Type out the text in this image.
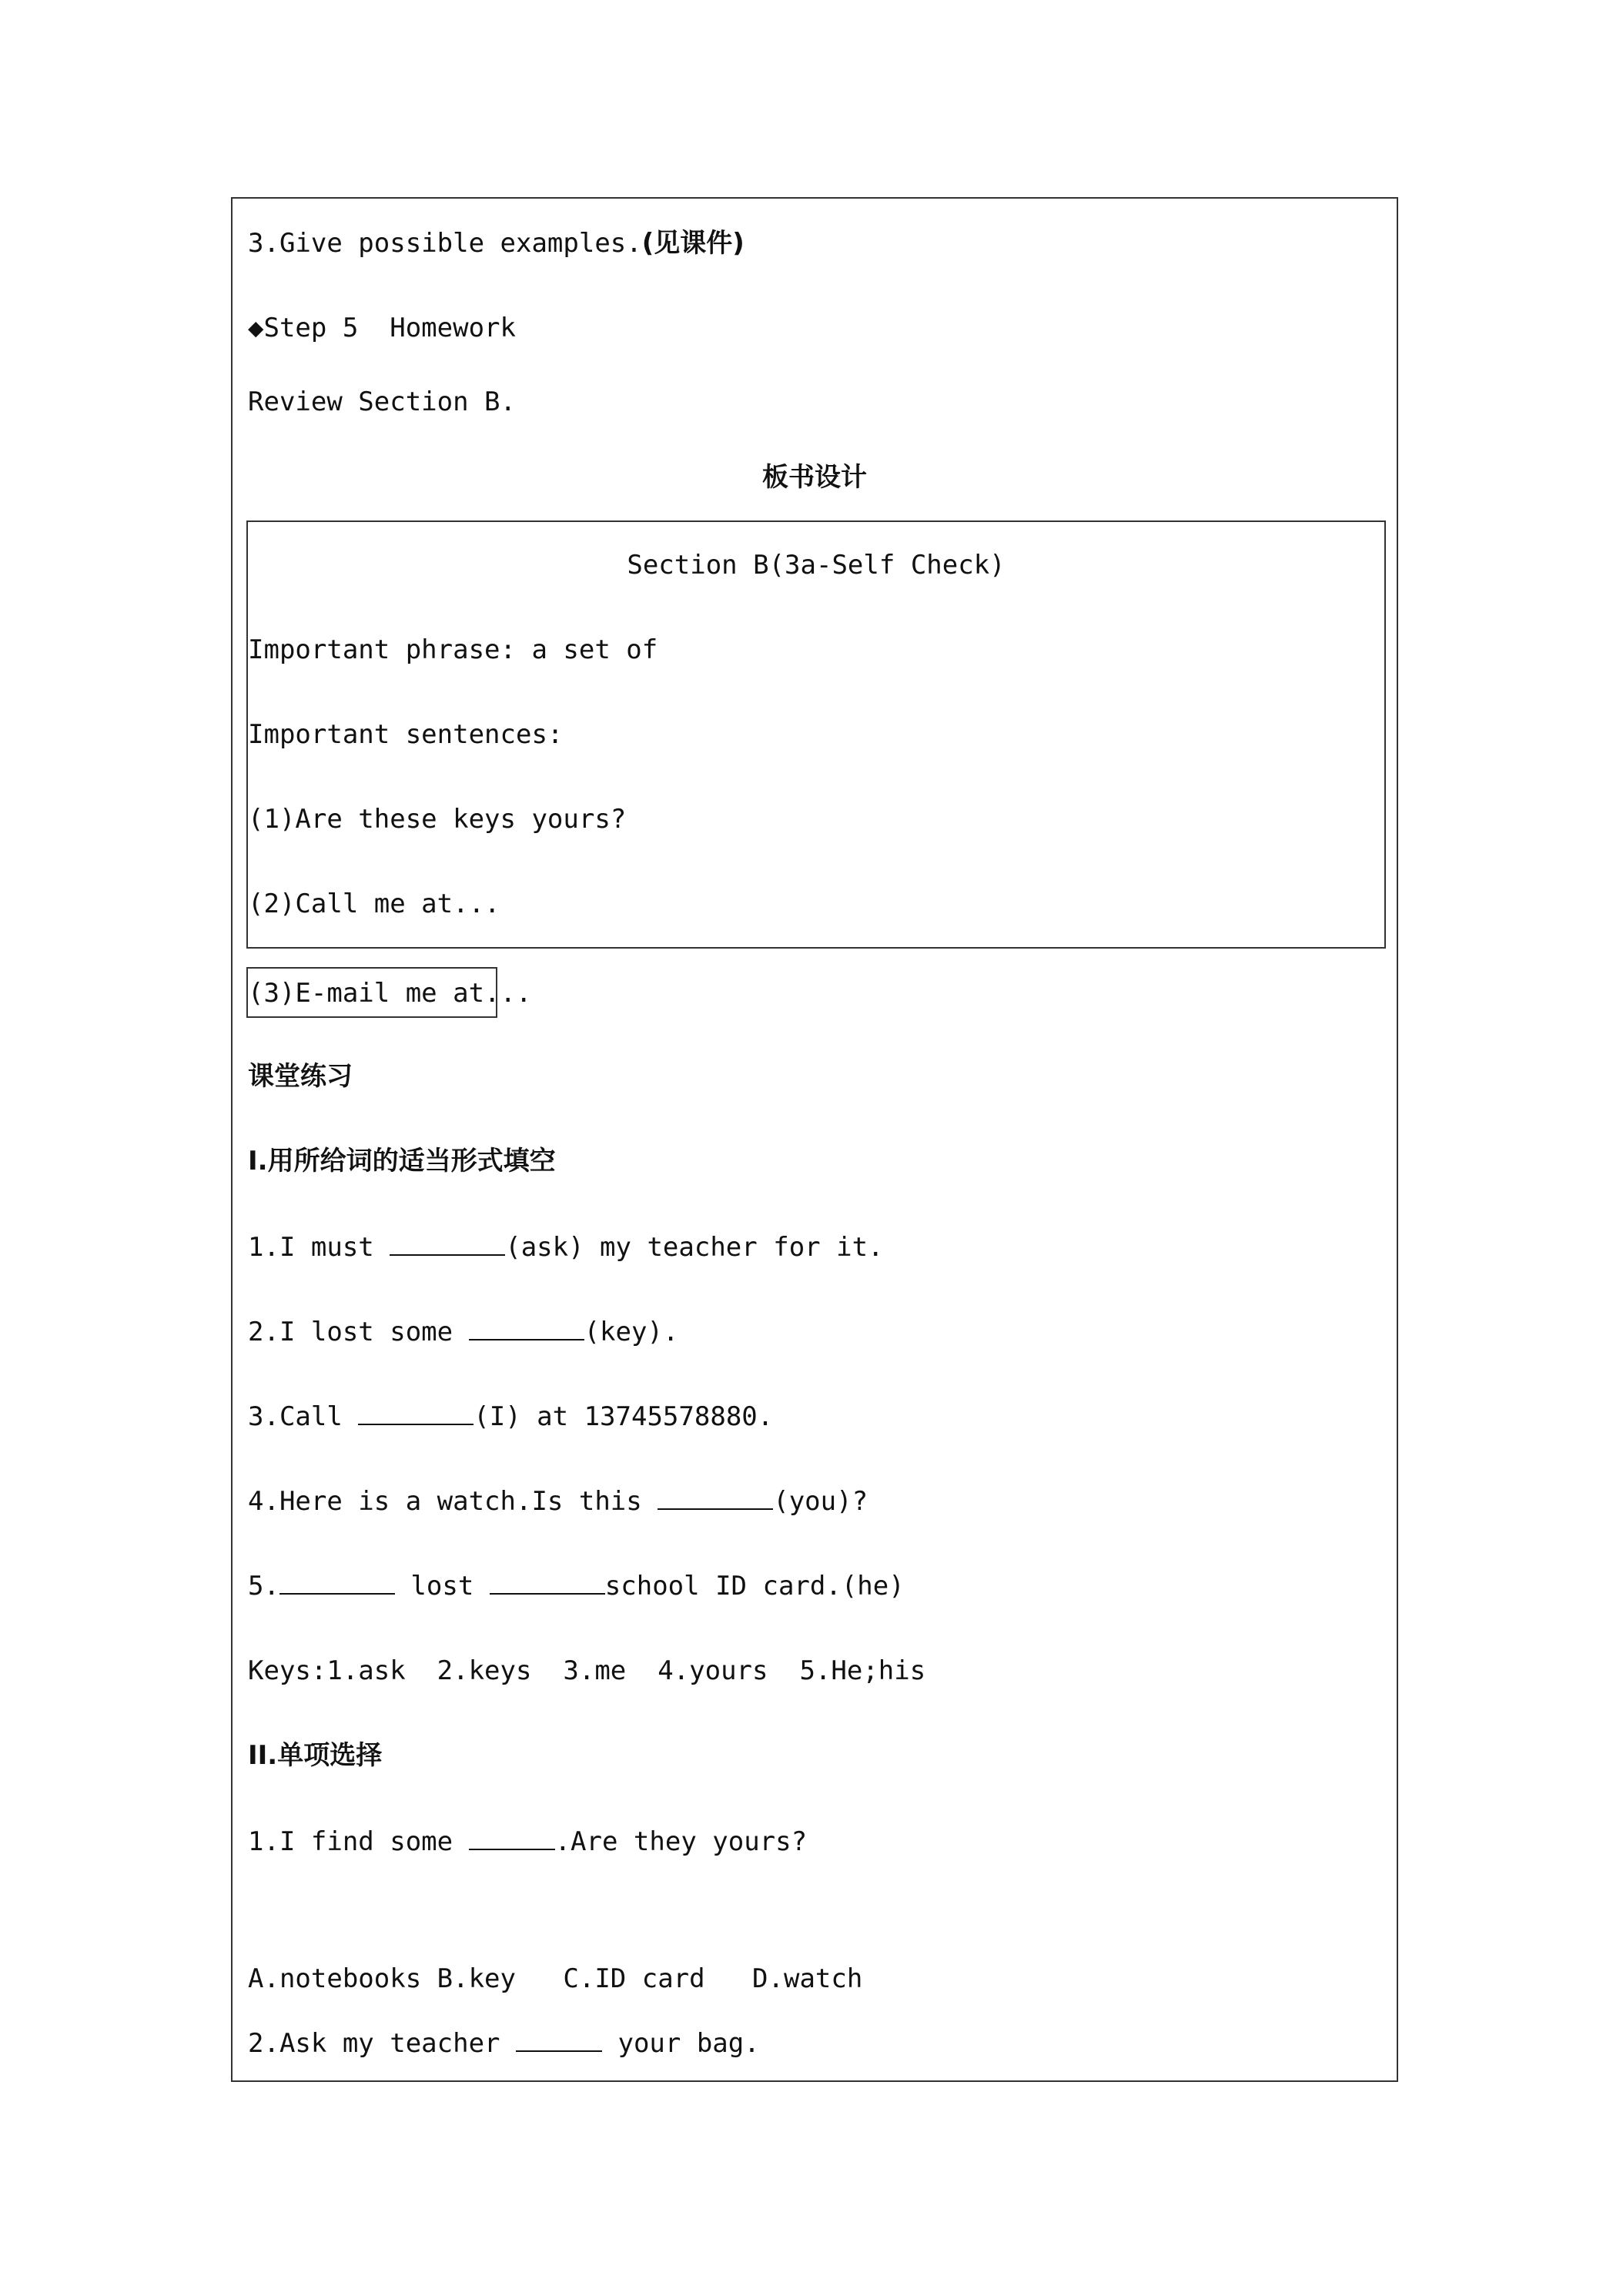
3.Give possible examples.(见课件)
◆Step 5  Homework
Review Section B.
板书设计
Section B(3a-Self Check)
Important phrase: a set of
Important sentences:
(1)Are these keys yours?
(2)Call me at...
(3)E-mail me at...
课堂练习
I.用所给词的适当形式填空
1.I must	(ask) my teacher for it.
2.I lost some	(key).
3.Call	(I) at 13745578880.
4.Here is a watch.Is this	(you)?
5.	lost	school ID card.(he)
Keys:1.ask  2.keys  3.me  4.yours  5.He;his
II.单项选择
1.I find some	.Are they yours?
A.notebooks B.key   C.ID card   D.watch
2.Ask my teacher	your bag.
